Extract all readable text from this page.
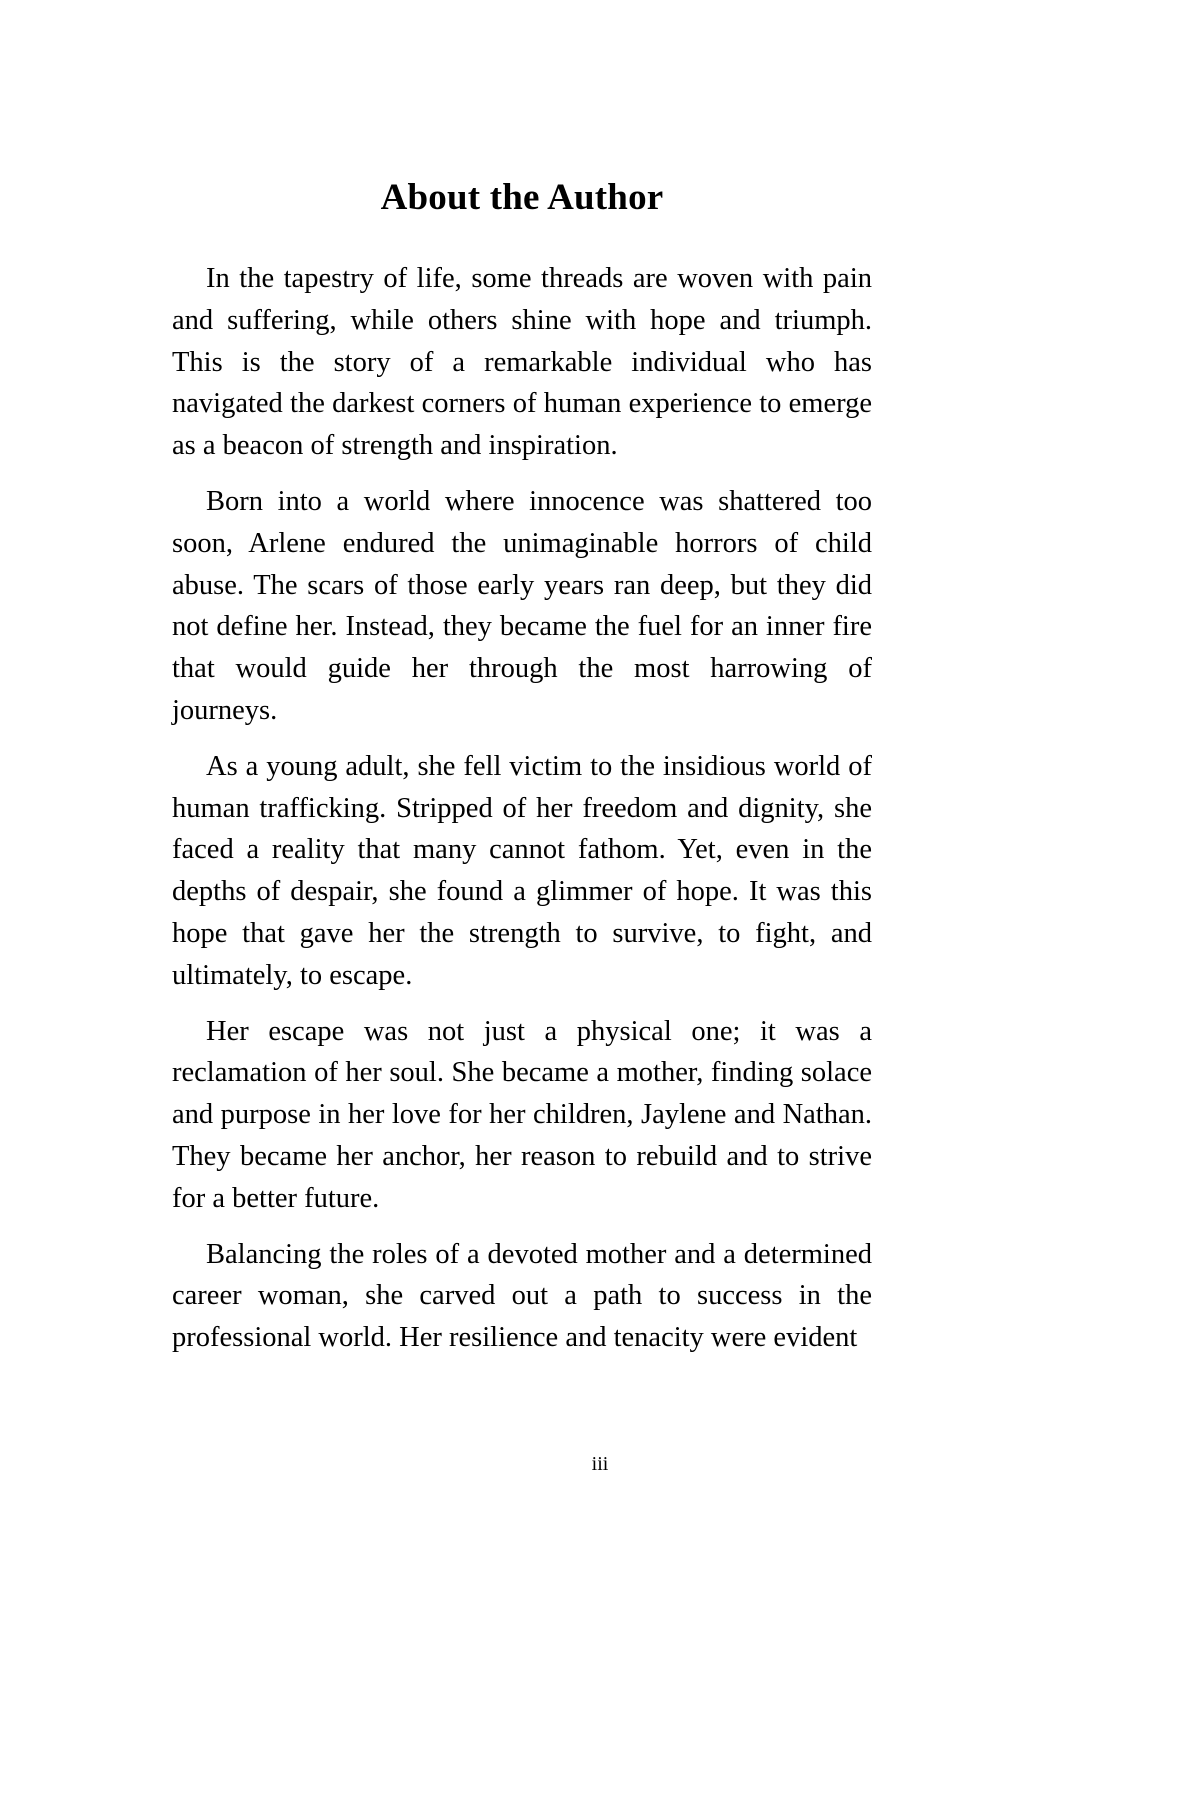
About the Author

In the tapestry of life, some threads are woven with pain and suffering, while others shine with hope and triumph. This is the story of a remarkable individual who has navigated the darkest corners of human experience to emerge as a beacon of strength and inspiration.

Born into a world where innocence was shattered too soon, Arlene endured the unimaginable horrors of child abuse. The scars of those early years ran deep, but they did not define her. Instead, they became the fuel for an inner fire that would guide her through the most harrowing of journeys.

As a young adult, she fell victim to the insidious world of human trafficking. Stripped of her freedom and dignity, she faced a reality that many cannot fathom. Yet, even in the depths of despair, she found a glimmer of hope. It was this hope that gave her the strength to survive, to fight, and ultimately, to escape.

Her escape was not just a physical one; it was a reclamation of her soul. She became a mother, finding solace and purpose in her love for her children, Jaylene and Nathan. They became her anchor, her reason to rebuild and to strive for a better future.

Balancing the roles of a devoted mother and a determined career woman, she carved out a path to success in the professional world. Her resilience and tenacity were evident

iii
